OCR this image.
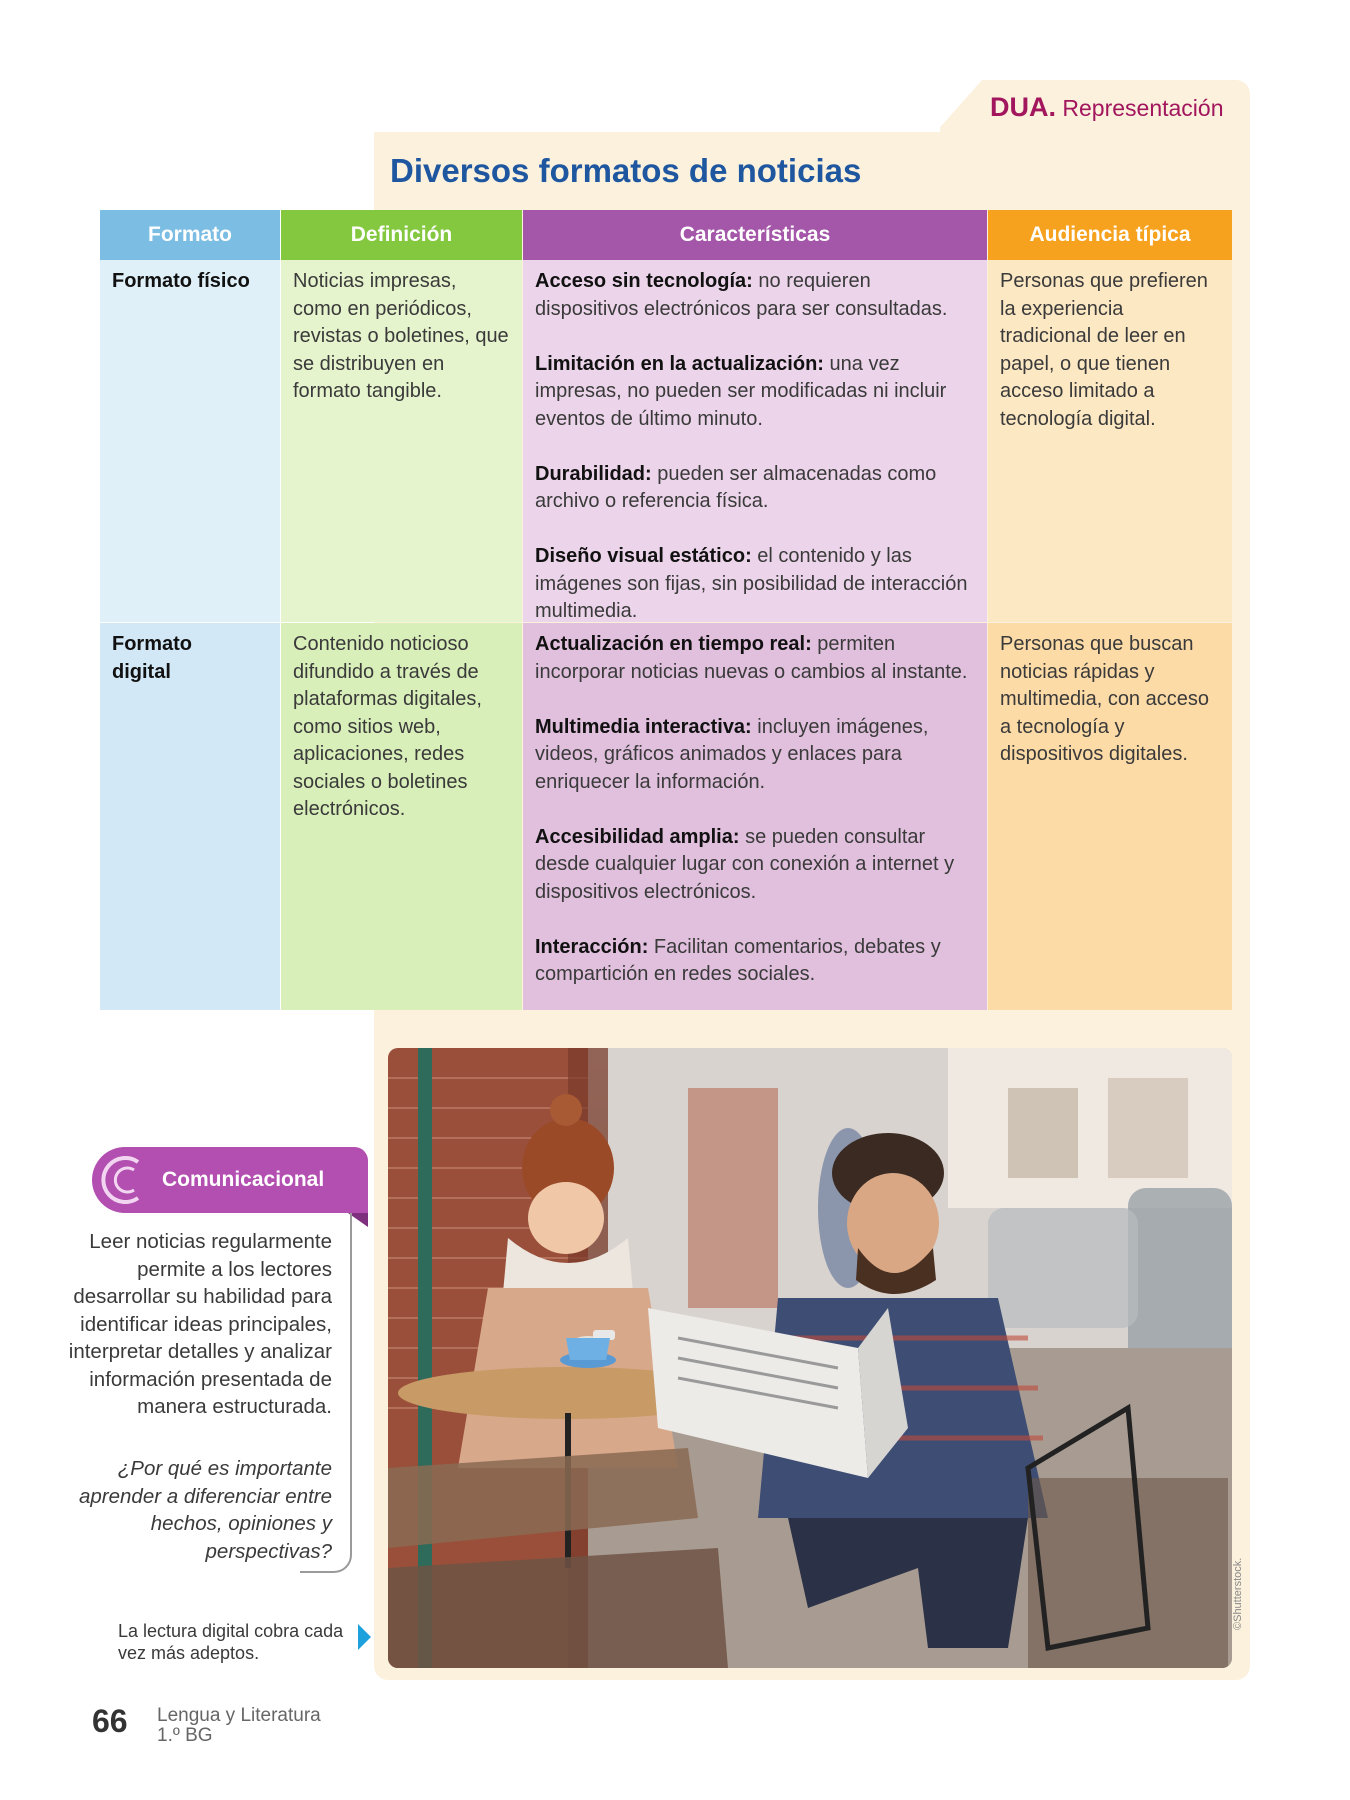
DUA. Representación
Diversos formatos de noticias
Formato
Formato físico
Formato digital
Definición
Noticias impresas, como en periódicos, revistas o boletines, que se distribuyen en formato tangible.
Contenido noticioso difundido a través de plataformas digitales, como sitios web, aplicaciones, redes sociales o boletines electrónicos.
Características
Acceso sin tecnología: no requieren dispositivos electrónicos para ser consultadas.
Limitación en la actualización: una vez impresas, no pueden ser modificadas ni incluir eventos de último minuto.
Durabilidad: pueden ser almacenadas como archivo o referencia física.
Diseño visual estático: el contenido y las imágenes son fijas, sin posibilidad de interacción multimedia.
Actualización en tiempo real: permiten incorporar noticias nuevas o cambios al instante.
Multimedia interactiva: incluyen imágenes, videos, gráficos animados y enlaces para enriquecer la información.
Accesibilidad amplia: se pueden consultar desde cualquier lugar con conexión a internet y dispositivos electrónicos.
Interacción: Facilitan comentarios, debates y compartición en redes sociales.
Audiencia típica
Personas que prefieren la experiencia tradicional de leer en papel, o que tienen acceso limitado a tecnología digital.
Personas que buscan noticias rápidas y multimedia, con acceso a tecnología y dispositivos digitales.
Comunicacional
Leer noticias regularmente permite a los lectores desarrollar su habilidad para identificar ideas principales, interpretar detalles y analizar información presentada de manera estructurada.
¿Por qué es importante aprender a diferenciar entre hechos, opiniones y perspectivas?
La lectura digital cobra cada vez más adeptos.
66 Lengua y Literatura
1.º BG
